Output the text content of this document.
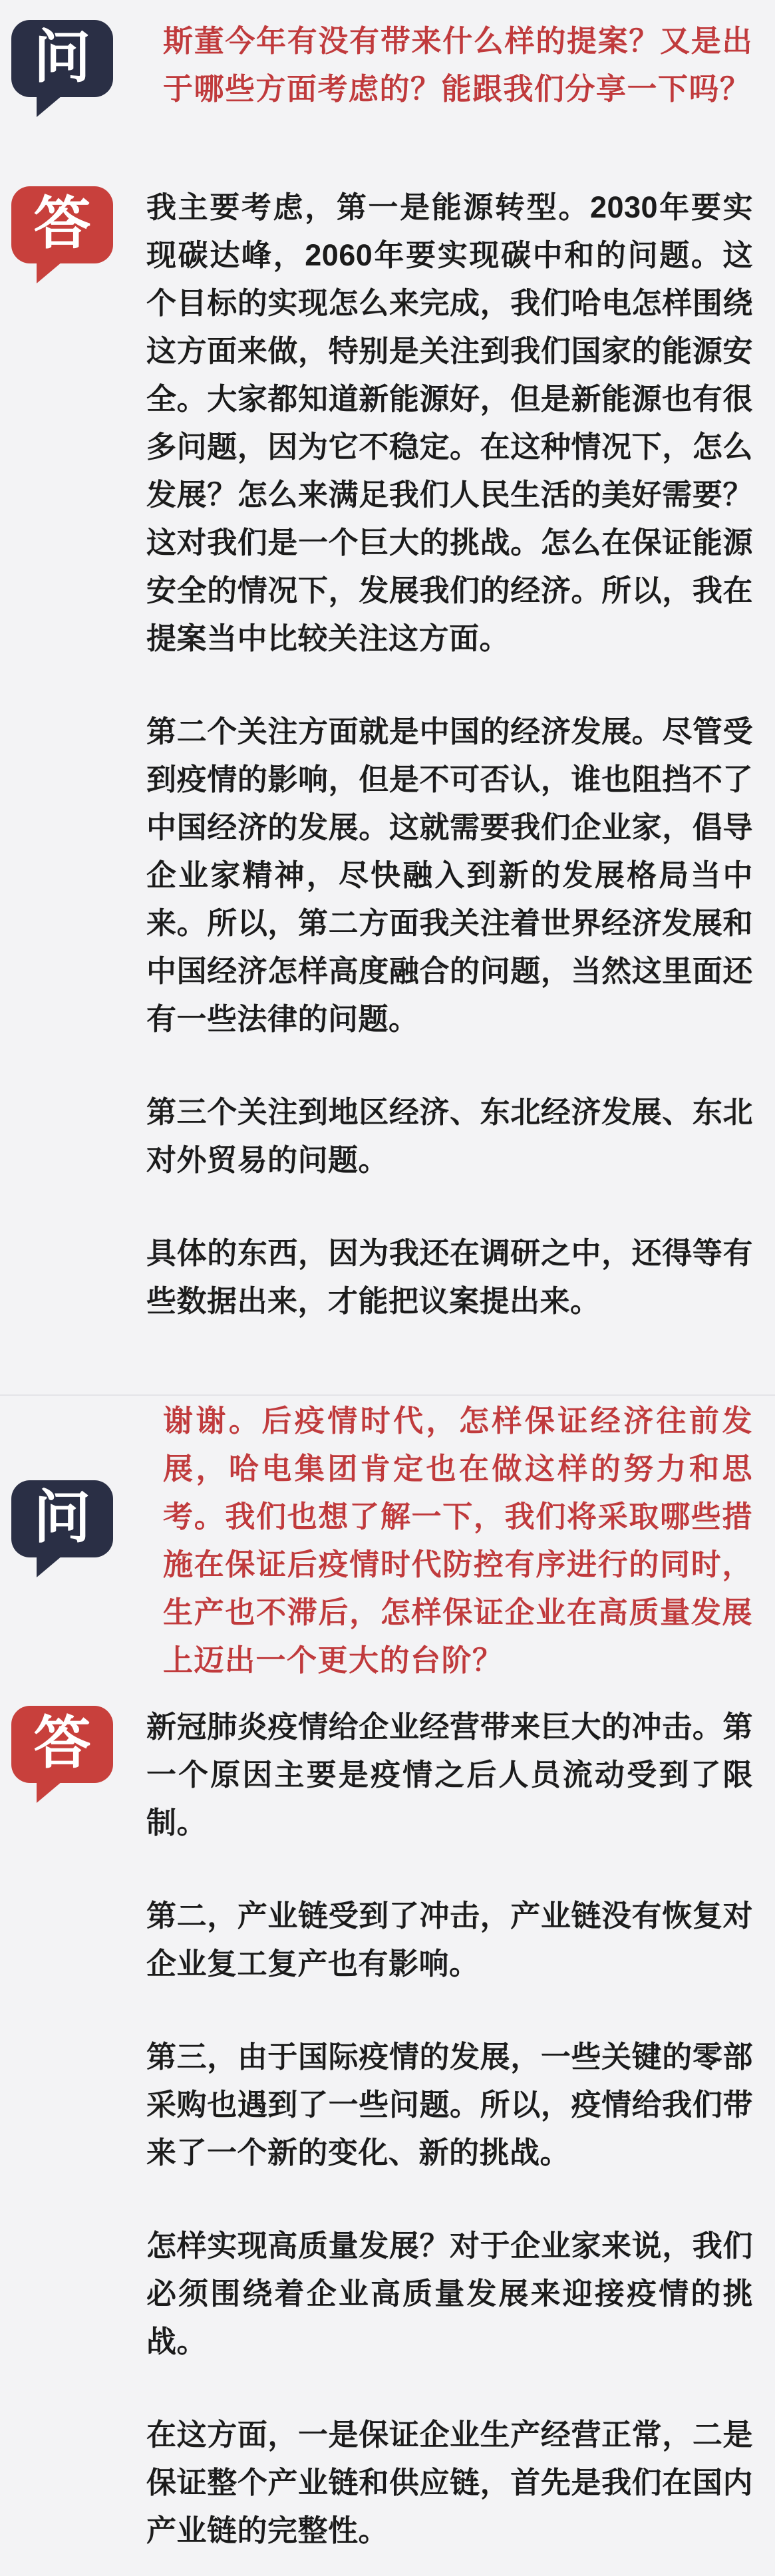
问 斯董今年有没有带来什么样的提案？又是出于哪些方面考虑的？能跟我们分享一下吗？

答 我主要考虑，第一是能源转型。2030年要实现碳达峰，2060年要实现碳中和的问题。这个目标的实现怎么来完成，我们哈电怎样围绕这方面来做，特别是关注到我们国家的能源安全。大家都知道新能源好，但是新能源也有很多问题，因为它不稳定。在这种情况下，怎么发展？怎么来满足我们人民生活的美好需要？这对我们是一个巨大的挑战。怎么在保证能源安全的情况下，发展我们的经济。所以，我在提案当中比较关注这方面。

第二个关注方面就是中国的经济发展。尽管受到疫情的影响，但是不可否认，谁也阻挡不了中国经济的发展。这就需要我们企业家，倡导企业家精神，尽快融入到新的发展格局当中来。所以，第二方面我关注着世界经济发展和中国经济怎样高度融合的问题，当然这里面还有一些法律的问题。

第三个关注到地区经济、东北经济发展、东北对外贸易的问题。

具体的东西，因为我还在调研之中，还得等有些数据出来，才能把议案提出来。

问

谢谢。后疫情时代，怎样保证经济往前发展，哈电集团肯定也在做这样的努力和思考。我们也想了解一下，我们将采取哪些措施在保证后疫情时代防控有序进行的同时，生产也不滞后，怎样保证企业在高质量发展上迈出一个更大的台阶？

答 新冠肺炎疫情给企业经营带来巨大的冲击。第一个原因主要是疫情之后人员流动受到了限制。

第二，产业链受到了冲击，产业链没有恢复对企业复工复产也有影响。

第三，由于国际疫情的发展，一些关键的零部采购也遇到了一些问题。所以，疫情给我们带来了一个新的变化、新的挑战。

怎样实现高质量发展？对于企业家来说，我们必须围绕着企业高质量发展来迎接疫情的挑战。

在这方面，一是保证企业生产经营正常，二是保证整个产业链和供应链，首先是我们在国内产业链的完整性。
